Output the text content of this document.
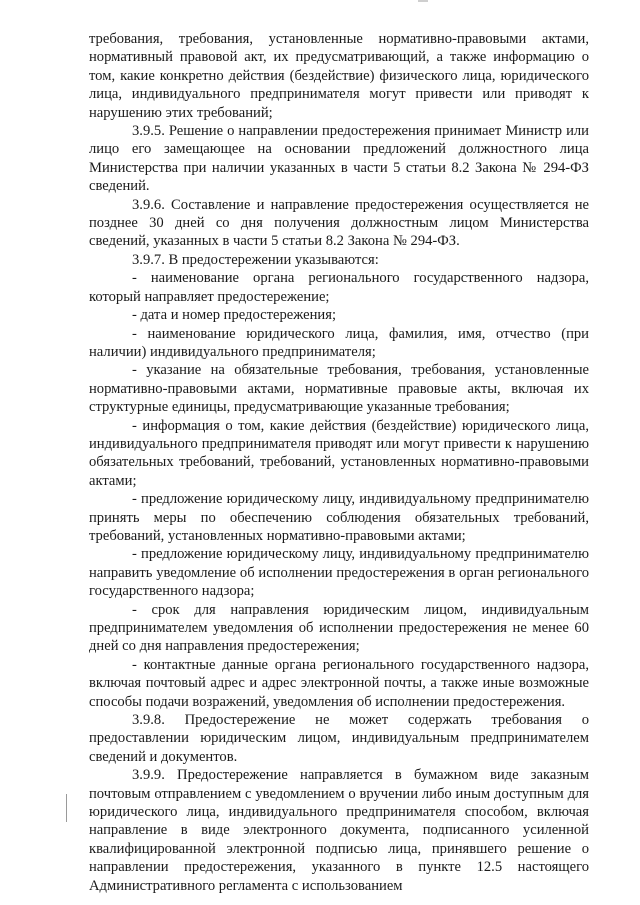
требования, требования, установленные нормативно-правовыми актами, нормативный правовой акт, их предусматривающий, а также информацию о том, какие конкретно действия (бездействие) физического лица, юридического лица, индивидуального предпринимателя могут привести или приводят к нарушению этих требований;

3.9.5. Решение о направлении предостережения принимает Министр или лицо его замещающее на основании предложений должностного лица Министерства при наличии указанных в части 5 статьи 8.2 Закона № 294-ФЗ сведений.

3.9.6. Составление и направление предостережения осуществляется не позднее 30 дней со дня получения должностным лицом Министерства сведений, указанных в части 5 статьи 8.2 Закона № 294-ФЗ.

3.9.7. В предостережении указываются:

- наименование органа регионального государственного надзора, который направляет предостережение;

- дата и номер предостережения;

- наименование юридического лица, фамилия, имя, отчество (при наличии) индивидуального предпринимателя;

- указание на обязательные требования, требования, установленные нормативно-правовыми актами, нормативные правовые акты, включая их структурные единицы, предусматривающие указанные требования;

- информация о том, какие действия (бездействие) юридического лица, индивидуального предпринимателя приводят или могут привести к нарушению обязательных требований, требований, установленных нормативно-правовыми актами;

- предложение юридическому лицу, индивидуальному предпринимателю принять меры по обеспечению соблюдения обязательных требований, требований, установленных нормативно-правовыми актами;

- предложение юридическому лицу, индивидуальному предпринимателю направить уведомление об исполнении предостережения в орган регионального государственного надзора;

- срок для направления юридическим лицом, индивидуальным предпринимателем уведомления об исполнении предостережения не менее 60 дней со дня направления предостережения;

- контактные данные органа регионального государственного надзора, включая почтовый адрес и адрес электронной почты, а также иные возможные способы подачи возражений, уведомления об исполнении предостережения.

3.9.8. Предостережение не может содержать требования о предоставлении юридическим лицом, индивидуальным предпринимателем сведений и документов.

3.9.9. Предостережение направляется в бумажном виде заказным почтовым отправлением с уведомлением о вручении либо иным доступным для юридического лица, индивидуального предпринимателя способом, включая направление в виде электронного документа, подписанного усиленной квалифицированной электронной подписью лица, принявшего решение о направлении предостережения, указанного в пункте 12.5 настоящего Административного регламента с использованием
